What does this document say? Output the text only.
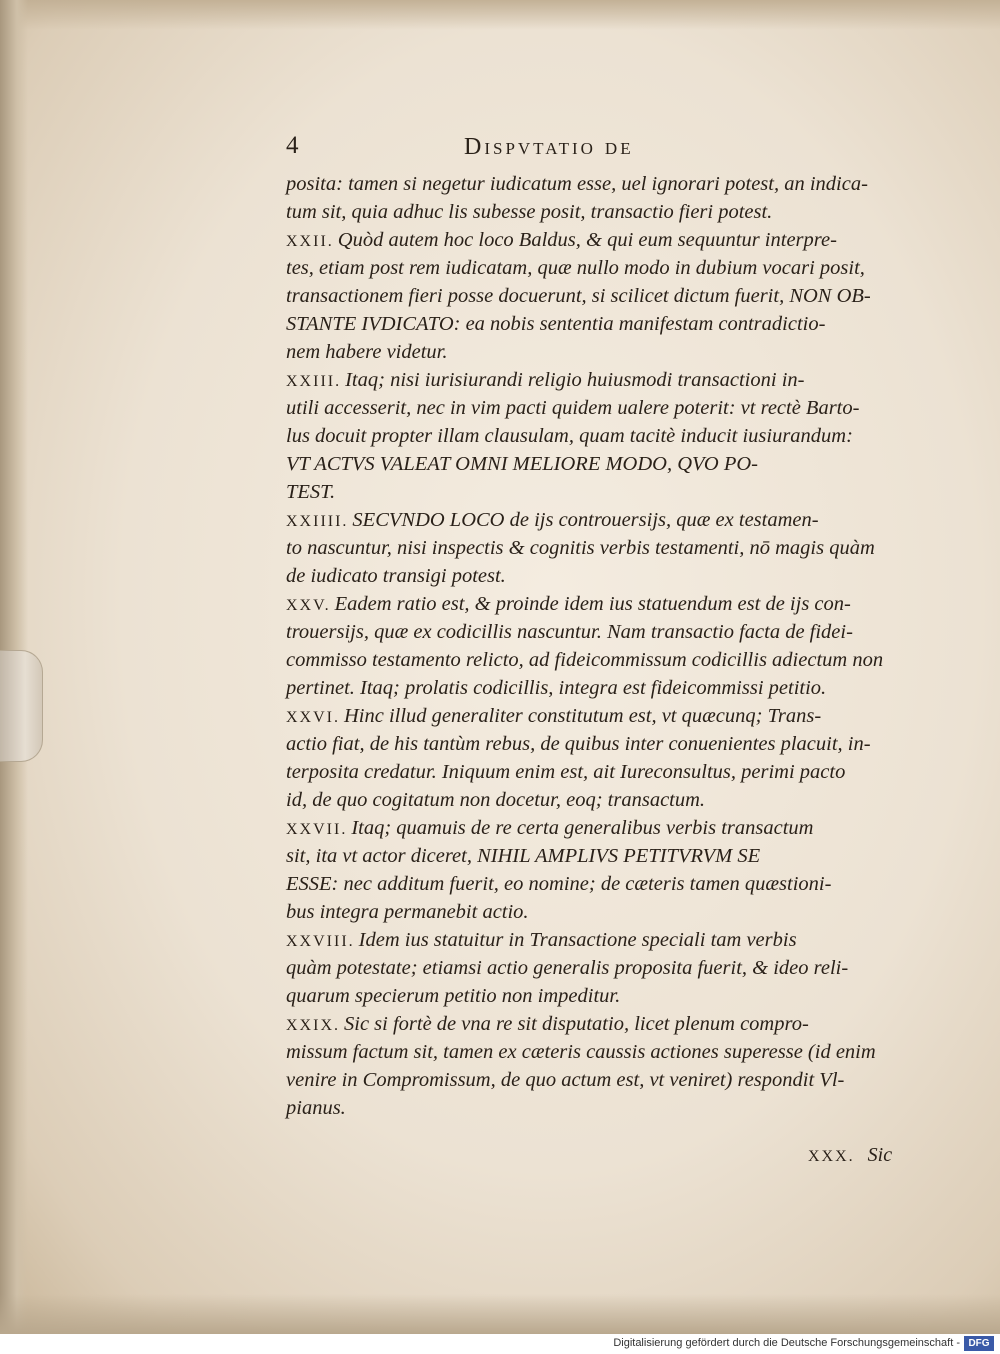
4	Dispvtatio de
posita: tamen si negetur iudicatum esse, uel ignorari potest, an indica-
tum sit, quia adhuc lis subesse posit, transactio fieri potest.
XXII. Quòd autem hoc loco Baldus, & qui eum sequuntur interpre-
tes, etiam post rem iudicatam, quæ nullo modo in dubium vocari posit,
transactionem fieri posse docuerunt, si scilicet dictum fuerit, NON OB-
STANTE IVDICATO: ea nobis sententia manifestam contradictio-
nem habere videtur.
XXIII. Itaq; nisi iurisiurandi religio huiusmodi transactioni in-
utili accesserit, nec in vim pacti quidem ualere poterit: vt rectè Barto-
lus docuit propter illam clausulam, quam tacitè inducit iusiurandum:
VT ACTVS VALEAT OMNI MELIORE MODO, QVO PO-
TEST.
XXIIII. SECVNDO LOCO de ijs controuersijs, quæ ex testamen-
to nascuntur, nisi inspectis & cognitis verbis testamenti, nō magis quàm
de iudicato transigi potest.
XXV. Eadem ratio est, & proinde idem ius statuendum est de ijs con-
trouersijs, quæ ex codicillis nascuntur. Nam transactio facta de fidei-
commisso testamento relicto, ad fideicommissum codicillis adiectum non
pertinet. Itaq; prolatis codicillis, integra est fideicommissi petitio.
XXVI. Hinc illud generaliter constitutum est, vt quæcunq; Trans-
actio fiat, de his tantùm rebus, de quibus inter conuenientes placuit, in-
terposita credatur. Iniquum enim est, ait Iureconsultus, perimi pacto
id, de quo cogitatum non docetur, eoq; transactum.
XXVII. Itaq; quamuis de re certa generalibus verbis transactum
sit, ita vt actor diceret, NIHIL AMPLIVS PETITVRVM SE
ESSE: nec additum fuerit, eo nomine; de cæteris tamen quæstioni-
bus integra permanebit actio.
XXVIII. Idem ius statuitur in Transactione speciali tam verbis
quàm potestate; etiamsi actio generalis proposita fuerit, & ideo reli-
quarum specierum petitio non impeditur.
XXIX. Sic si fortè de vna re sit disputatio, licet plenum compro-
missum factum sit, tamen ex cæteris caussis actiones superesse (id enim
venire in Compromissum, de quo actum est, vt veniret) respondit Vl-
pianus.
XXX. Sic
Digitalisierung gefördert durch die Deutsche Forschungsgemeinschaft - DFG
